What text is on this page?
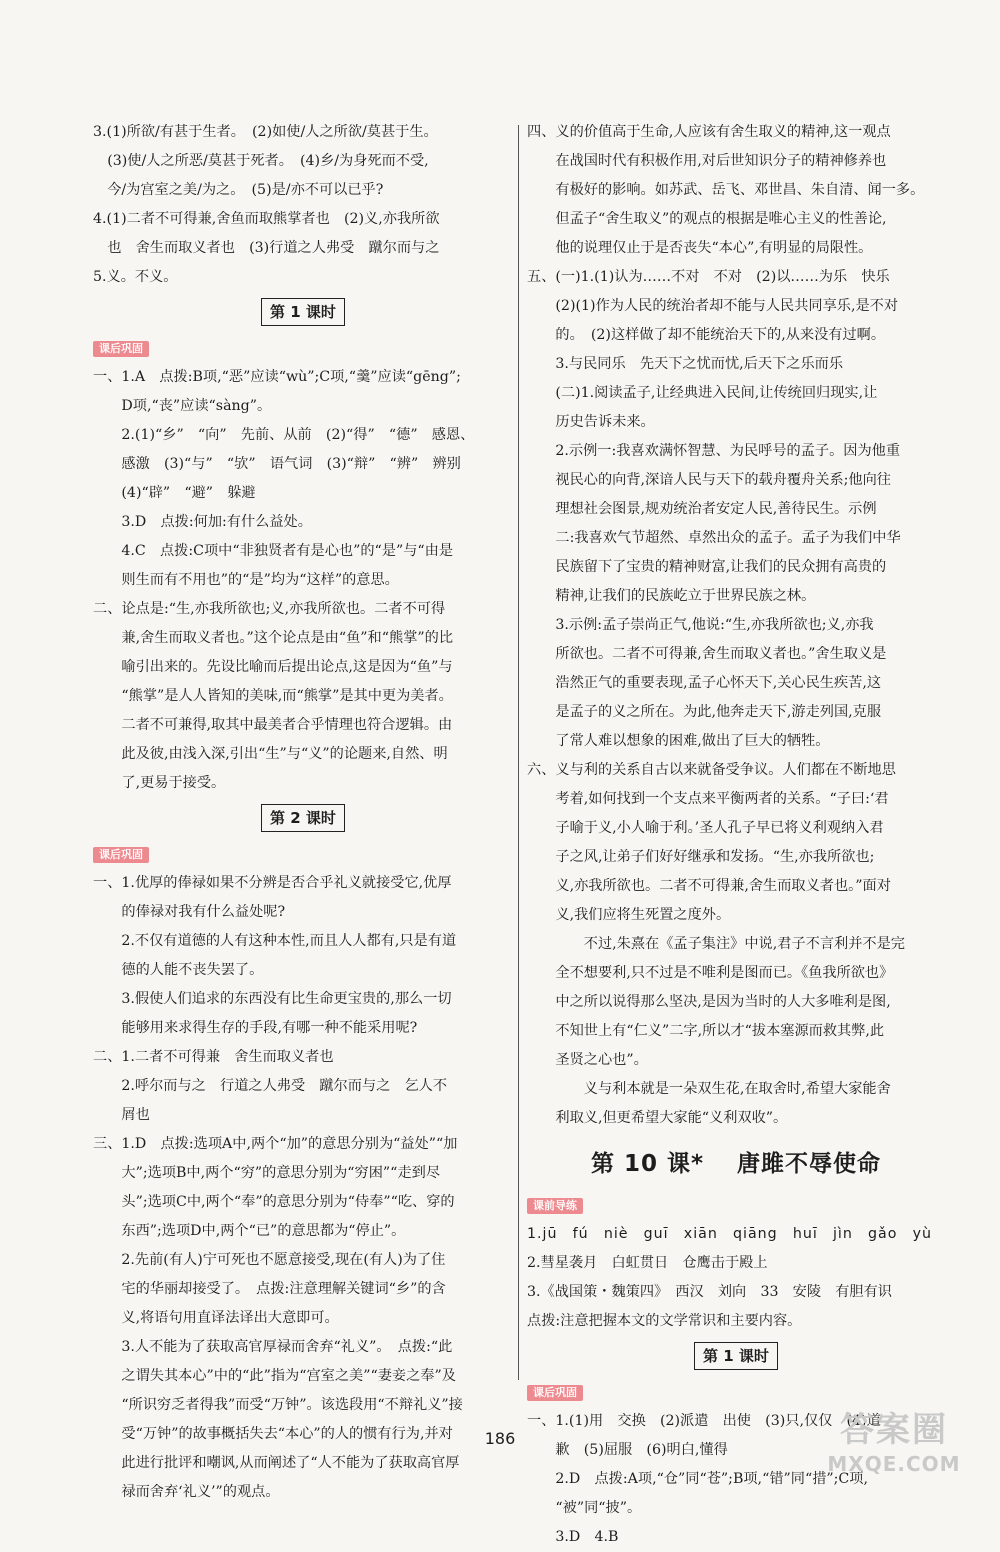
3.(1)所欲/有甚于生者。　(2)如使/人之所欲/莫甚于生。

(3)使/人之所恶/莫甚于死者。　(4)乡/为身死而不受,

今/为宫室之美/为之。　(5)是/亦不可以已乎?

4.(1)二者不可得兼,舍鱼而取熊掌者也　(2)义,亦我所欲

也　舍生而取义者也　(3)行道之人弗受　蹴尔而与之

5.义。不义。

第 1 课时
课后巩固

一、1.A　点拨:B项,“恶”应读“wù”;C项,“羹”应读“gēng”;

D项,“丧”应读“sàng”。

2.(1)“乡”　“向”　先前、从前　(2)“得”　“德”　感恩、

感激　(3)“与”　“欤”　语气词　(3)“辩”　“辨”　辨别

(4)“辟”　“避”　躲避

3.D　点拨:何加:有什么益处。

4.C　点拨:C项中“非独贤者有是心也”的“是”与“由是

则生而有不用也”的“是”均为“这样”的意思。

二、论点是:“生,亦我所欲也;义,亦我所欲也。二者不可得

兼,舍生而取义者也。”这个论点是由“鱼”和“熊掌”的比

喻引出来的。先设比喻而后提出论点,这是因为“鱼”与

“熊掌”是人人皆知的美味,而“熊掌”是其中更为美者。

二者不可兼得,取其中最美者合乎情理也符合逻辑。由

此及彼,由浅入深,引出“生”与“义”的论题来,自然、明

了,更易于接受。

第 2 课时
课后巩固

一、1.优厚的俸禄如果不分辨是否合乎礼义就接受它,优厚

的俸禄对我有什么益处呢?

2.不仅有道德的人有这种本性,而且人人都有,只是有道

德的人能不丧失罢了。

3.假使人们追求的东西没有比生命更宝贵的,那么一切

能够用来求得生存的手段,有哪一种不能采用呢?

二、1.二者不可得兼　舍生而取义者也

2.呼尔而与之　行道之人弗受　蹴尔而与之　乞人不

屑也

三、1.D　点拨:选项A中,两个“加”的意思分别为“益处”“加

大”;选项B中,两个“穷”的意思分别为“穷困”“走到尽

头”;选项C中,两个“奉”的意思分别为“侍奉”“吃、穿的

东西”;选项D中,两个“已”的意思都为“停止”。

2.先前(有人)宁可死也不愿意接受,现在(有人)为了住

宅的华丽却接受了。　点拨:注意理解关键词“乡”的含

义,将语句用直译法译出大意即可。

3.人不能为了获取高官厚禄而舍弃“礼义”。　点拨:“此

之谓失其本心”中的“此”指为“宫室之美”“妻妾之奉”及

“所识穷乏者得我”而受“万钟”。该选段用“不辩礼义”接

受“万钟”的故事概括失去“本心”的人的惯有行为,并对

此进行批评和嘲讽,从而阐述了“人不能为了获取高官厚

禄而舍弃‘礼义’”的观点。

四、义的价值高于生命,人应该有舍生取义的精神,这一观点

在战国时代有积极作用,对后世知识分子的精神修养也

有极好的影响。如苏武、岳飞、邓世昌、朱自清、闻一多。

但孟子“舍生取义”的观点的根据是唯心主义的性善论,

他的说理仅止于是否丧失“本心”,有明显的局限性。

五、(一)1.(1)认为……不对　不对　(2)以……为乐　快乐

(2)(1)作为人民的统治者却不能与人民共同享乐,是不对

的。　(2)这样做了却不能统治天下的,从来没有过啊。

3.与民同乐　先天下之忧而忧,后天下之乐而乐

(二)1.阅读孟子,让经典进入民间,让传统回归现实,让

历史告诉未来。

2.示例一:我喜欢满怀智慧、为民呼号的孟子。因为他重

视民心的向背,深谙人民与天下的载舟覆舟关系;他向往

理想社会图景,规劝统治者安定人民,善待民生。示例

二:我喜欢气节超然、卓然出众的孟子。孟子为我们中华

民族留下了宝贵的精神财富,让我们的民众拥有高贵的

精神,让我们的民族屹立于世界民族之林。

3.示例:孟子崇尚正气,他说:“生,亦我所欲也;义,亦我

所欲也。二者不可得兼,舍生而取义者也。”舍生取义是

浩然正气的重要表现,孟子心怀天下,关心民生疾苦,这

是孟子的义之所在。为此,他奔走天下,游走列国,克服

了常人难以想象的困难,做出了巨大的牺牲。

六、义与利的关系自古以来就备受争议。人们都在不断地思

考着,如何找到一个支点来平衡两者的关系。“子曰:‘君

子喻于义,小人喻于利。’圣人孔子早已将义利观纳入君

子之风,让弟子们好好继承和发扬。“生,亦我所欲也;

义,亦我所欲也。二者不可得兼,舍生而取义者也。”面对

义,我们应将生死置之度外。

不过,朱熹在《孟子集注》中说,君子不言利并不是完

全不想要利,只不过是不唯利是图而已。《鱼我所欲也》

中之所以说得那么坚决,是因为当时的人大多唯利是图,

不知世上有“仁义”二字,所以才“拔本塞源而救其弊,此

圣贤之心也”。

义与利本就是一朵双生花,在取舍时,希望大家能舍

利取义,但更希望大家能“义利双收”。

第 10 课* 　唐雎不辱使命
课前导练

1.jū　fú　niè　guī　xiān　qiāng　huī　jìn　gǎo　yù

2.彗星袭月　白虹贯日　仓鹰击于殿上

3.《战国策・魏策四》　西汉　刘向　33　安陵　有胆有识

点拨:注意把握本文的文学常识和主要内容。

第 1 课时
课后巩固

一、1.(1)用　交换　(2)派遣　出使　(3)只,仅仅　(4)道

歉　(5)屈服　(6)明白,懂得

2.D　点拨:A项,“仓”同“苍”;B项,“错”同“措”;C项,

“被”同“披”。

3.D　4.B

186	答案圈
MXQE.COM
